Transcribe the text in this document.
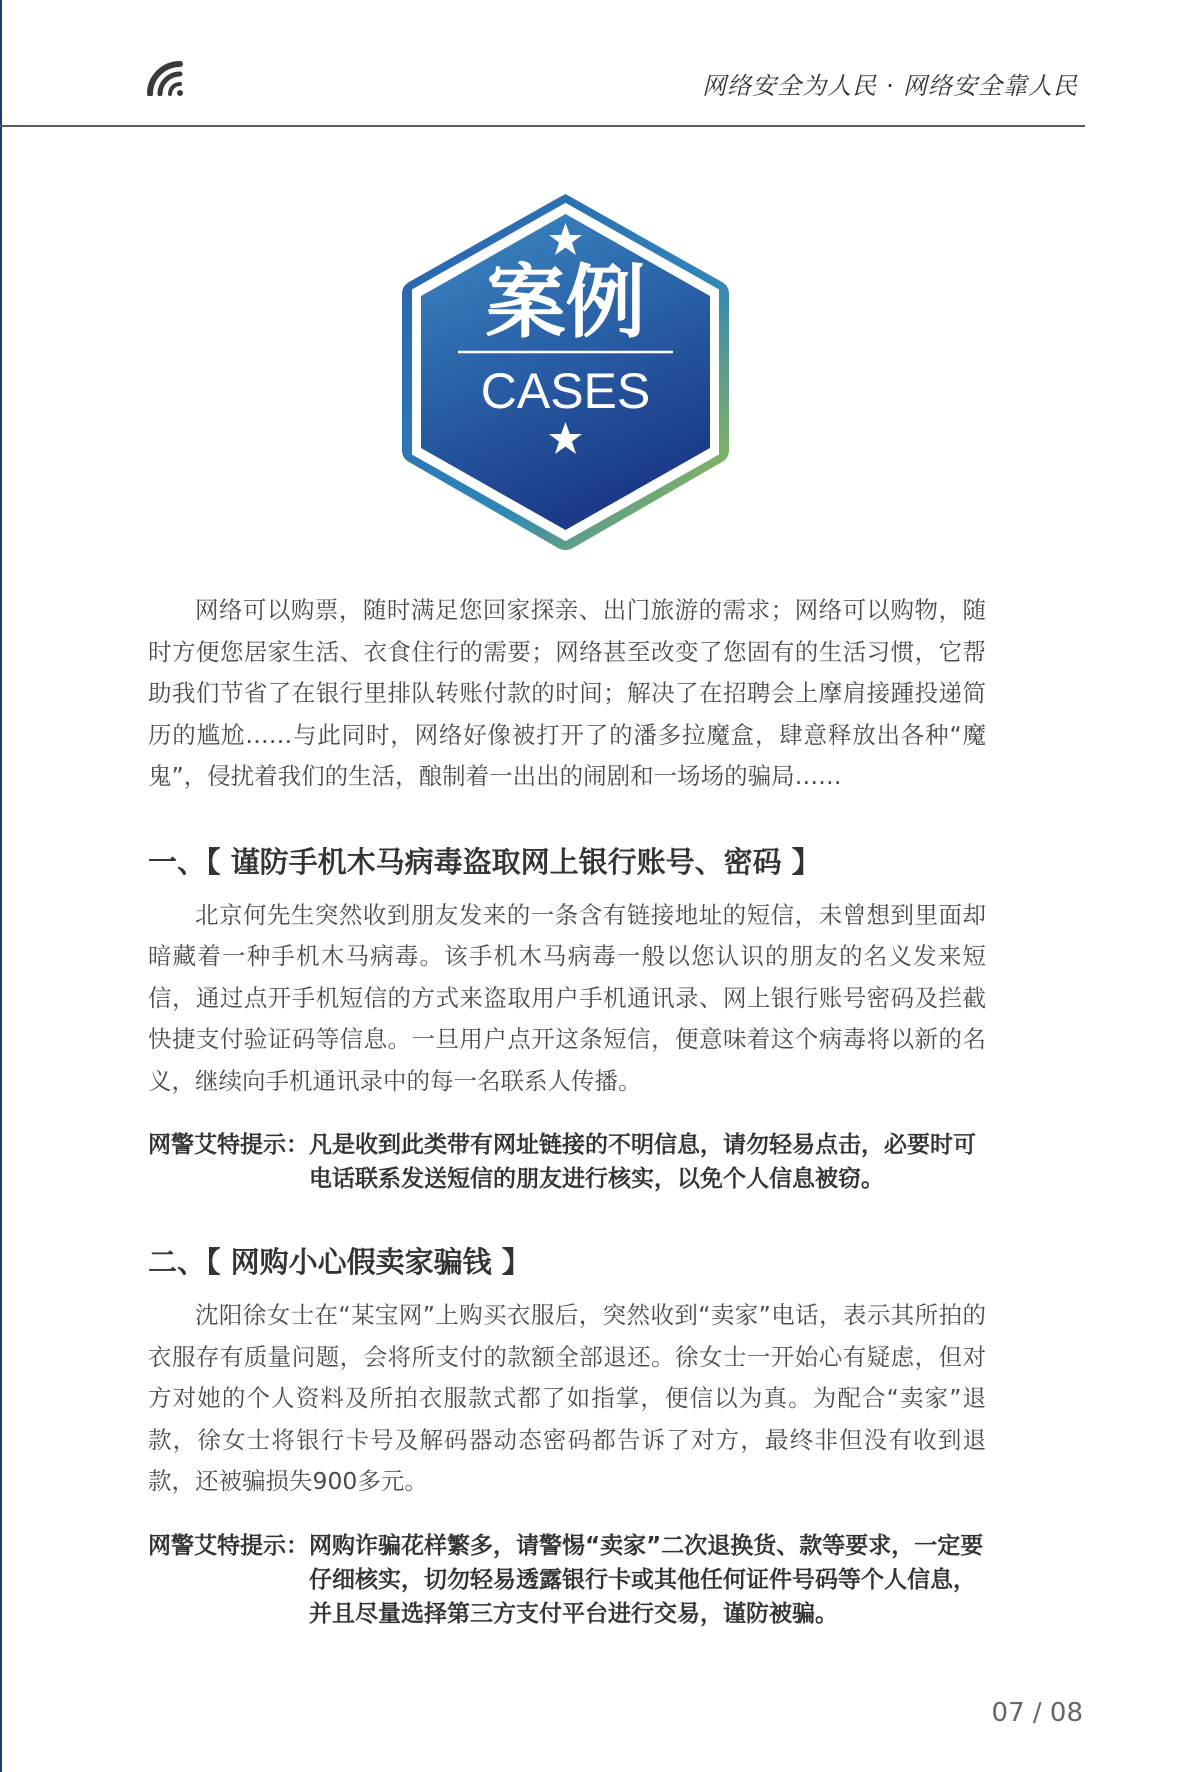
网络安全为人民 · 网络安全靠人民
案例
CASES

网络可以购票，随时满足您回家探亲、出门旅游的需求；网络可以购物，随时方便您居家生活、衣食住行的需要；网络甚至改变了您固有的生活习惯，它帮助我们节省了在银行里排队转账付款的时间；解决了在招聘会上摩肩接踵投递简历的尴尬……与此同时，网络好像被打开了的潘多拉魔盒，肆意释放出各种“魔鬼”，侵扰着我们的生活，酿制着一出出的闹剧和一场场的骗局……

一、【 谨防手机木马病毒盗取网上银行账号、密码 】

北京何先生突然收到朋友发来的一条含有链接地址的短信，未曾想到里面却暗藏着一种手机木马病毒。该手机木马病毒一般以您认识的朋友的名义发来短信，通过点开手机短信的方式来盗取用户手机通讯录、网上银行账号密码及拦截快捷支付验证码等信息。一旦用户点开这条短信，便意味着这个病毒将以新的名义，继续向手机通讯录中的每一名联系人传播。

网警艾特提示： 凡是收到此类带有网址链接的不明信息，请勿轻易点击，必要时可电话联系发送短信的朋友进行核实，以免个人信息被窃。
二、【 网购小心假卖家骗钱 】

沈阳徐女士在“某宝网”上购买衣服后，突然收到“卖家”电话，表示其所拍的衣服存有质量问题，会将所支付的款额全部退还。徐女士一开始心有疑虑，但对方对她的个人资料及所拍衣服款式都了如指掌，便信以为真。为配合“卖家”退款，徐女士将银行卡号及解码器动态密码都告诉了对方，最终非但没有收到退款，还被骗损失900多元。

网警艾特提示： 网购诈骗花样繁多，请警惕“卖家”二次退换货、款等要求，一定要仔细核实，切勿轻易透露银行卡或其他任何证件号码等个人信息，并且尽量选择第三方支付平台进行交易，谨防被骗。
07 / 08
